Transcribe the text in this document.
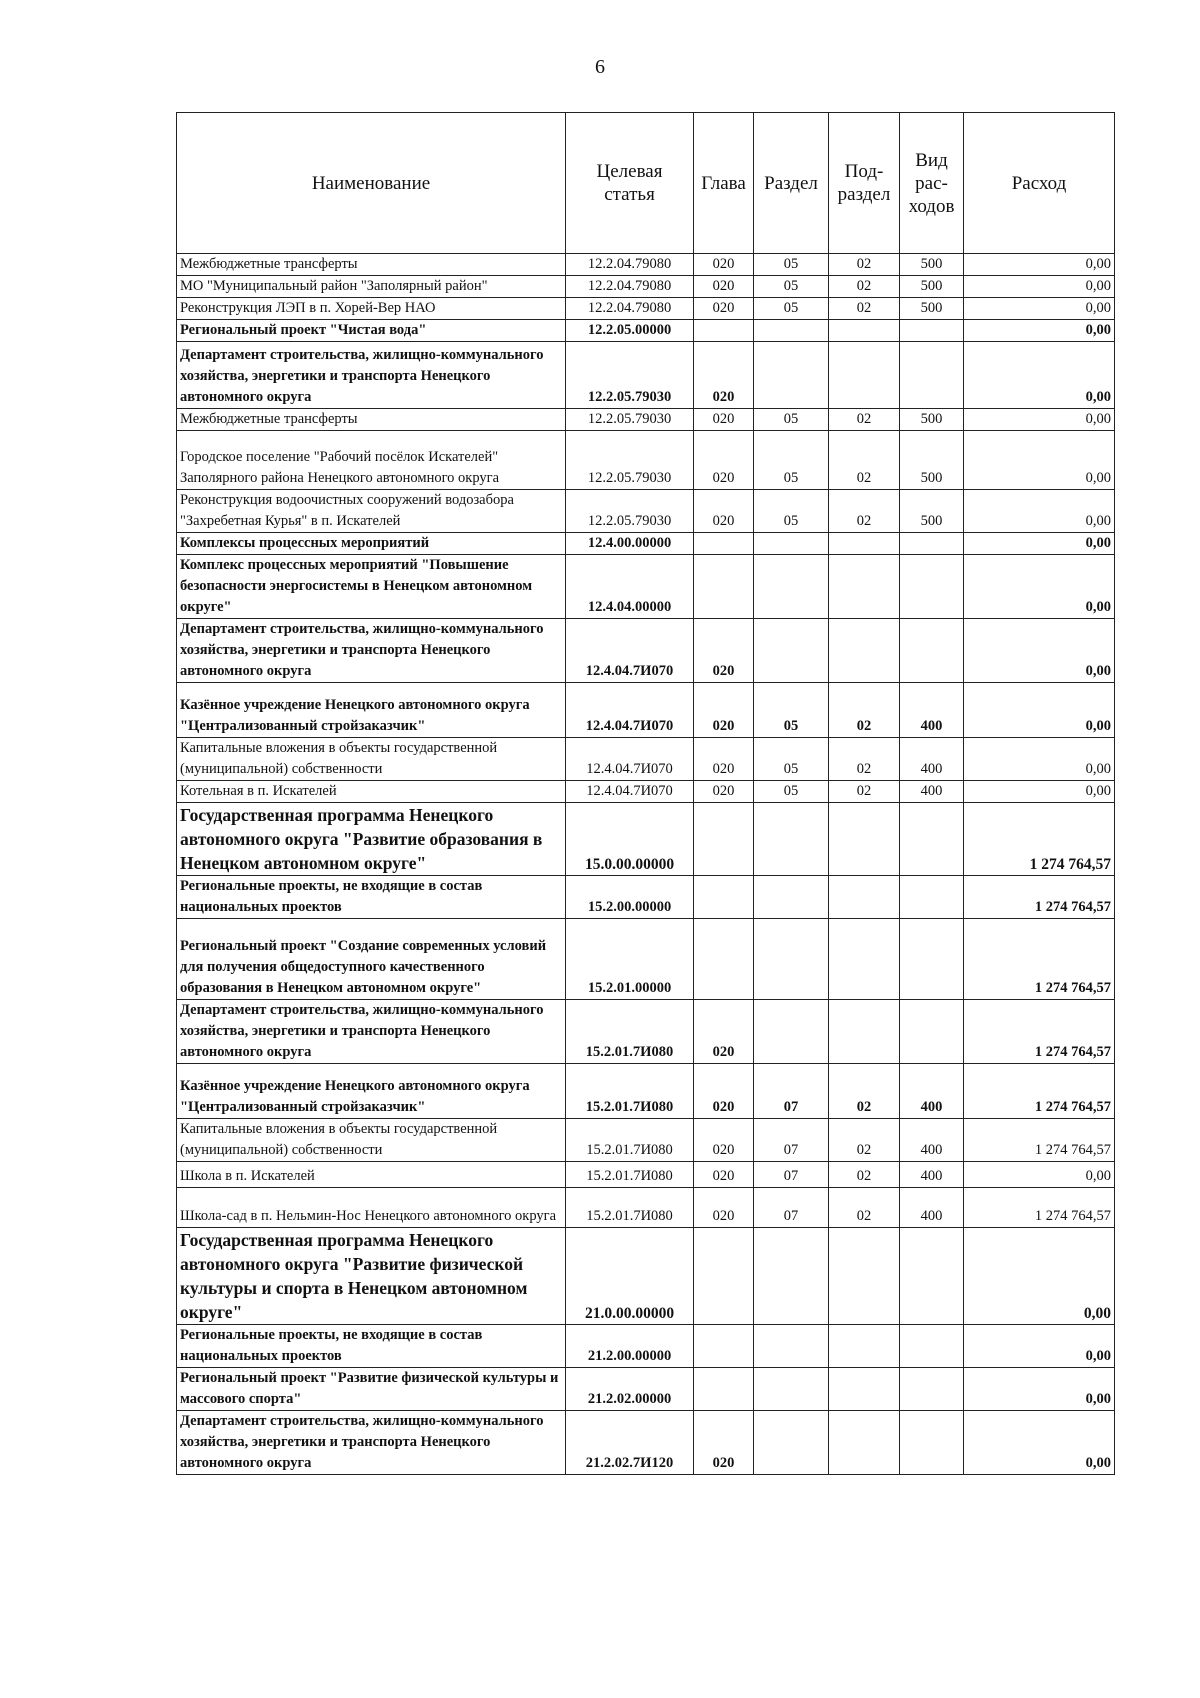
6
Наименование	Целевая статья	Глава	Раздел	Под-раздел	Вид рас-ходов	Расход
Межбюджетные трансферты	12.2.04.79080	020	05	02	500	0,00
МО "Муниципальный район "Заполярный район"	12.2.04.79080	020	05	02	500	0,00
Реконструкция ЛЭП в п. Хорей-Вер НАО	12.2.04.79080	020	05	02	500	0,00
Региональный проект "Чистая вода"	12.2.05.00000					0,00
Департамент строительства, жилищно-коммунального хозяйства, энергетики и транспорта Ненецкого автономного округа	12.2.05.79030	020				0,00
Межбюджетные трансферты	12.2.05.79030	020	05	02	500	0,00
Городское поселение "Рабочий посёлок Искателей" Заполярного района Ненецкого автономного округа	12.2.05.79030	020	05	02	500	0,00
Реконструкция водоочистных сооружений водозабора "Захребетная Курья" в п. Искателей	12.2.05.79030	020	05	02	500	0,00
Комплексы процессных мероприятий	12.4.00.00000					0,00
Комплекс процессных мероприятий "Повышение безопасности энергосистемы в Ненецком автономном округе"	12.4.04.00000					0,00
Департамент строительства, жилищно-коммунального хозяйства, энергетики и транспорта Ненецкого автономного округа	12.4.04.7И070	020				0,00
Казённое учреждение Ненецкого автономного округа "Централизованный стройзаказчик"	12.4.04.7И070	020	05	02	400	0,00
Капитальные вложения в объекты государственной (муниципальной) собственности	12.4.04.7И070	020	05	02	400	0,00
Котельная в п. Искателей	12.4.04.7И070	020	05	02	400	0,00
Государственная программа Ненецкого автономного округа "Развитие образования в Ненецком автономном округе"	15.0.00.00000					1 274 764,57
Региональные проекты, не входящие в состав национальных проектов	15.2.00.00000					1 274 764,57
Региональный проект "Создание современных условий для получения общедоступного качественного образования в Ненецком автономном округе"	15.2.01.00000					1 274 764,57
Департамент строительства, жилищно-коммунального хозяйства, энергетики и транспорта Ненецкого автономного округа	15.2.01.7И080	020				1 274 764,57
Казённое учреждение Ненецкого автономного округа "Централизованный стройзаказчик"	15.2.01.7И080	020	07	02	400	1 274 764,57
Капитальные вложения в объекты государственной (муниципальной) собственности	15.2.01.7И080	020	07	02	400	1 274 764,57
Школа в п. Искателей	15.2.01.7И080	020	07	02	400	0,00
Школа-сад в п. Нельмин-Нос Ненецкого автономного округа	15.2.01.7И080	020	07	02	400	1 274 764,57
Государственная программа Ненецкого автономного округа "Развитие физической культуры и спорта в Ненецком автономном округе"	21.0.00.00000					0,00
Региональные проекты, не входящие в состав национальных проектов	21.2.00.00000					0,00
Региональный проект "Развитие физической культуры и массового спорта"	21.2.02.00000					0,00
Департамент строительства, жилищно-коммунального хозяйства, энергетики и транспорта Ненецкого автономного округа	21.2.02.7И120	020				0,00
